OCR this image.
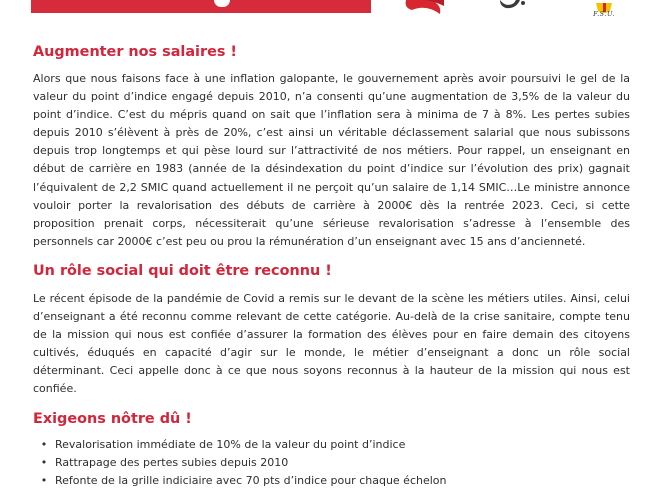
F.S.U.
Augmenter nos salaires !

Alors que nous faisons face à une inflation galopante, le gouvernement après avoir poursuivi le gel de la valeur du point d’indice engagé depuis 2010, n’a consenti qu’une augmentation de 3,5% de la valeur du point d’indice. C’est du mépris quand on sait que l’inflation sera à minima de 7 à 8%. Les pertes subies depuis 2010 s’élèvent à près de 20%, c’est ainsi un véritable déclassement salarial que nous subissons depuis trop longtemps et qui pèse lourd sur l’attractivité de nos métiers. Pour rappel, un enseignant en début de carrière en 1983 (année de la désindexation du point d’indice sur l’évolution des prix) gagnait l’équivalent de 2,2 SMIC quand actuellement il ne perçoit qu’un salaire de 1,14 SMIC…Le ministre annonce vouloir porter la revalorisation des débuts de carrière à 2000€ dès la rentrée 2023. Ceci, si cette proposition prenait corps, nécessiterait qu’une sérieuse revalorisation s’adresse à l’ensemble des personnels car 2000€ c’est peu ou prou la rémunération d’un enseignant avec 15 ans d’ancienneté.

Un rôle social qui doit être reconnu !

Le récent épisode de la pandémie de Covid a remis sur le devant de la scène les métiers utiles. Ainsi, celui d’enseignant a été reconnu comme relevant de cette catégorie. Au-delà de la crise sanitaire, compte tenu de la mission qui nous est confiée d’assurer la formation des élèves pour en faire demain des citoyens cultivés, éduqués en capacité d’agir sur le monde, le métier d’enseignant a donc un rôle social déterminant. Ceci appelle donc à ce que nous soyons reconnus à la hauteur de la mission qui nous est confiée.

Exigeons nôtre dû !
• Revalorisation immédiate de 10% de la valeur du point d’indice
• Rattrapage des pertes subies depuis 2010
• Refonte de la grille indiciaire avec 70 pts d’indice pour chaque échelon
